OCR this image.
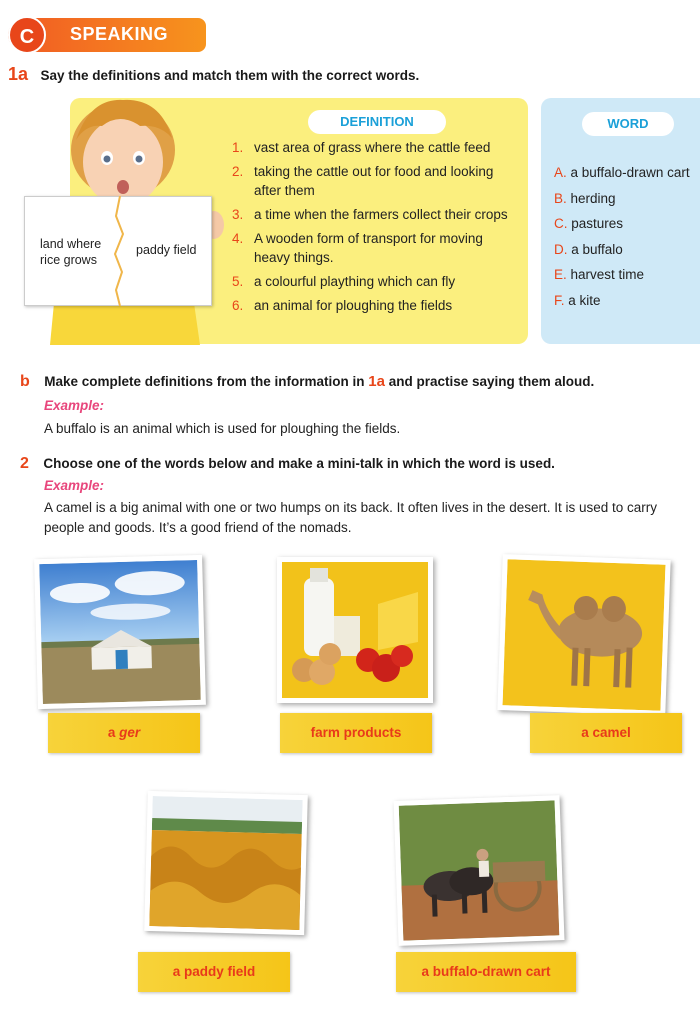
C	SPEAKING
1a Say the definitions and match them with the correct words.
WORD
A. a buffalo-drawn cart
B. herding
C. pastures
D. a buffalo
E. harvest time
F. a kite
DEFINITION
1. vast area of grass where the cattle feed
2. taking the cattle out for food and looking after them
3. a time when the farmers collect their crops
4. A wooden form of transport for moving heavy things.
5. a colourful plaything which can fly
6. an animal for ploughing the fields
land where rice grows
paddy field
b Make complete definitions from the information in 1a and practise saying them aloud.
Example:
A buffalo is an animal which is used for ploughing the fields.
2 Choose one of the words below and make a mini-talk in which the word is used.
Example:
A camel is a big animal with one or two humps on its back. It often lives in the desert. It is used to carry people and goods. It’s a good friend of the nomads.
a ger	farm products	a camel
a paddy field	a buffalo-drawn cart
